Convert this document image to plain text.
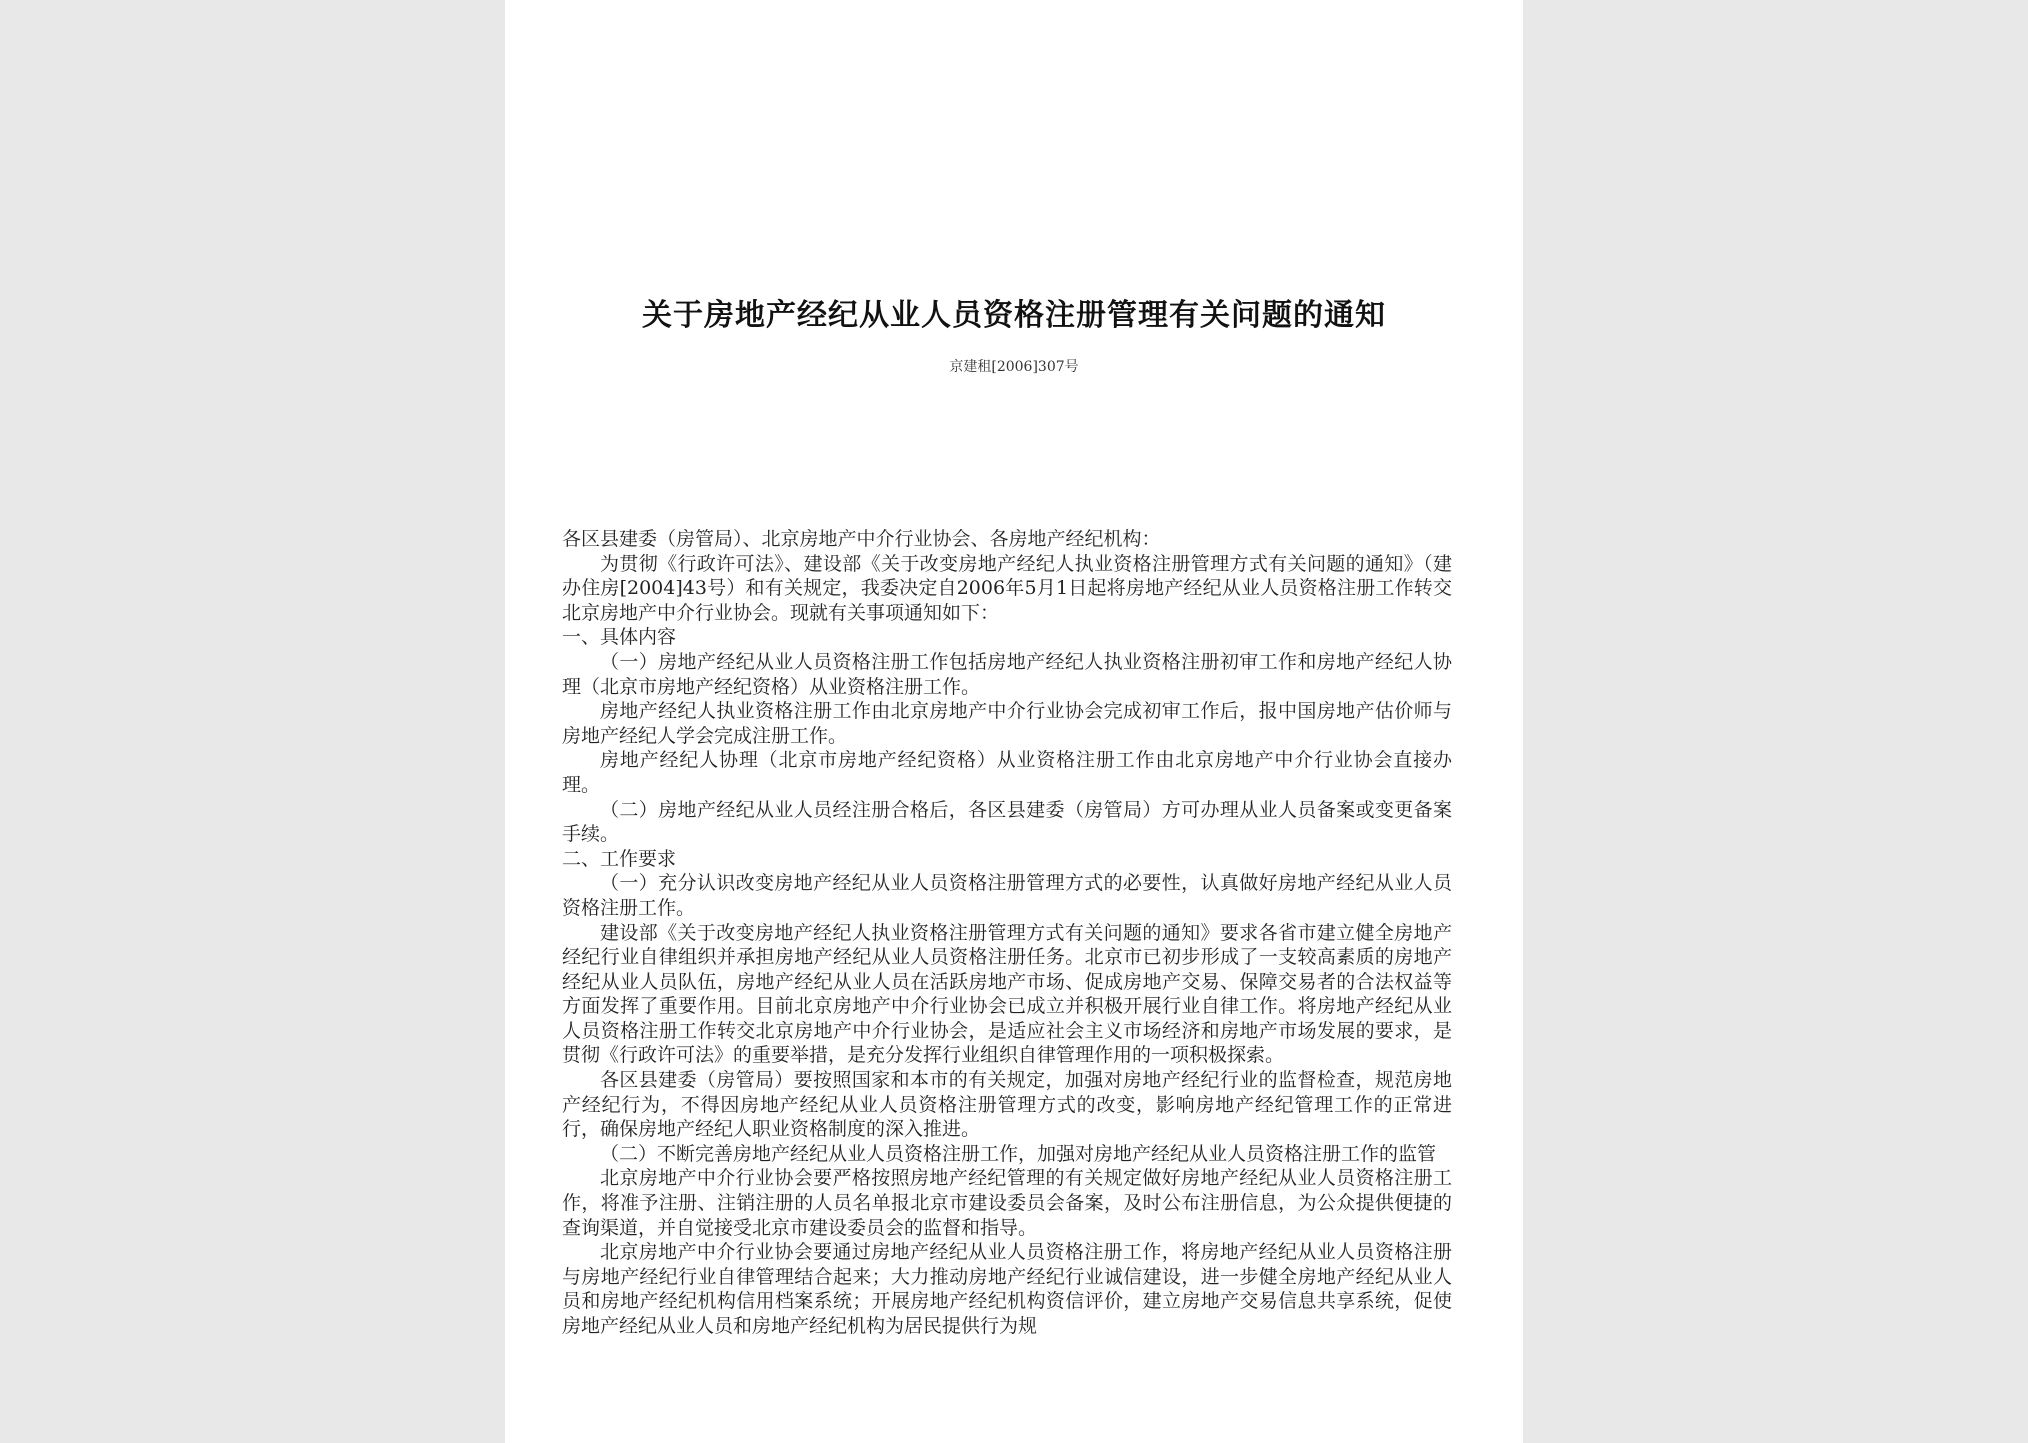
关于房地产经纪从业人员资格注册管理有关问题的通知
京建租[2006]307号

各区县建委（房管局）、北京房地产中介行业协会、各房地产经纪机构：

为贯彻《行政许可法》、建设部《关于改变房地产经纪人执业资格注册管理方式有关问题的通知》（建办住房[2004]43号）和有关规定，我委决定自2006年5月1日起将房地产经纪从业人员资格注册工作转交北京房地产中介行业协会。现就有关事项通知如下：

一、具体内容

（一）房地产经纪从业人员资格注册工作包括房地产经纪人执业资格注册初审工作和房地产经纪人协理（北京市房地产经纪资格）从业资格注册工作。

房地产经纪人执业资格注册工作由北京房地产中介行业协会完成初审工作后，报中国房地产估价师与房地产经纪人学会完成注册工作。

房地产经纪人协理（北京市房地产经纪资格）从业资格注册工作由北京房地产中介行业协会直接办理。

（二）房地产经纪从业人员经注册合格后，各区县建委（房管局）方可办理从业人员备案或变更备案手续。

二、工作要求

（一）充分认识改变房地产经纪从业人员资格注册管理方式的必要性，认真做好房地产经纪从业人员资格注册工作。

建设部《关于改变房地产经纪人执业资格注册管理方式有关问题的通知》要求各省市建立健全房地产经纪行业自律组织并承担房地产经纪从业人员资格注册任务。北京市已初步形成了一支较高素质的房地产经纪从业人员队伍，房地产经纪从业人员在活跃房地产市场、促成房地产交易、保障交易者的合法权益等方面发挥了重要作用。目前北京房地产中介行业协会已成立并积极开展行业自律工作。将房地产经纪从业人员资格注册工作转交北京房地产中介行业协会，是适应社会主义市场经济和房地产市场发展的要求，是贯彻《行政许可法》的重要举措，是充分发挥行业组织自律管理作用的一项积极探索。

各区县建委（房管局）要按照国家和本市的有关规定，加强对房地产经纪行业的监督检查，规范房地产经纪行为，不得因房地产经纪从业人员资格注册管理方式的改变，影响房地产经纪管理工作的正常进行，确保房地产经纪人职业资格制度的深入推进。

（二）不断完善房地产经纪从业人员资格注册工作，加强对房地产经纪从业人员资格注册工作的监管

北京房地产中介行业协会要严格按照房地产经纪管理的有关规定做好房地产经纪从业人员资格注册工作，将准予注册、注销注册的人员名单报北京市建设委员会备案，及时公布注册信息，为公众提供便捷的查询渠道，并自觉接受北京市建设委员会的监督和指导。

北京房地产中介行业协会要通过房地产经纪从业人员资格注册工作，将房地产经纪从业人员资格注册与房地产经纪行业自律管理结合起来；大力推动房地产经纪行业诚信建设，进一步健全房地产经纪从业人员和房地产经纪机构信用档案系统；开展房地产经纪机构资信评价，建立房地产交易信息共享系统，促使房地产经纪从业人员和房地产经纪机构为居民提供行为规
